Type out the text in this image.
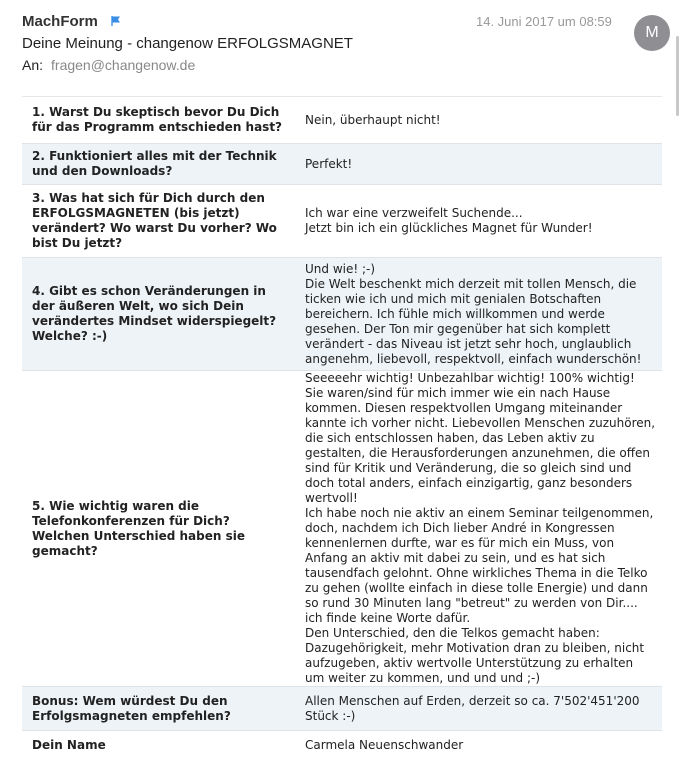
MachForm	14. Juni 2017 um 08:59
M
Deine Meinung - changenow ERFOLGSMAGNET
An: fragen@changenow.de
1. Warst Du skeptisch bevor Du Dich für das Programm entschieden hast?	Nein, überhaupt nicht!
2. Funktioniert alles mit der Technik und den Downloads?	Perfekt!
3. Was hat sich für Dich durch den ERFOLGSMAGNETEN (bis jetzt) verändert? Wo warst Du vorher? Wo bist Du jetzt?	Ich war eine verzweifelt Suchende...
Jetzt bin ich ein glückliches Magnet für Wunder!
4. Gibt es schon Veränderungen in der äußeren Welt, wo sich Dein verändertes Mindset widerspiegelt? Welche? :-)	Und wie! ;-)
Die Welt beschenkt mich derzeit mit tollen Mensch, die ticken wie ich und mich mit genialen Botschaften bereichern. Ich fühle mich willkommen und werde gesehen. Der Ton mir gegenüber hat sich komplett verändert - das Niveau ist jetzt sehr hoch, unglaublich angenehm, liebevoll, respektvoll, einfach wunderschön!
5. Wie wichtig waren die Telefonkonferenzen für Dich? Welchen Unterschied haben sie gemacht?	Seeeeehr wichtig! Unbezahlbar wichtig! 100% wichtig!
Sie waren/sind für mich immer wie ein nach Hause kommen. Diesen respektvollen Umgang miteinander kannte ich vorher nicht. Liebevollen Menschen zuzuhören, die sich entschlossen haben, das Leben aktiv zu gestalten, die Herausforderungen anzunehmen, die offen sind für Kritik und Veränderung, die so gleich sind und doch total anders, einfach einzigartig, ganz besonders wertvoll!
Ich habe noch nie aktiv an einem Seminar teilgenommen, doch, nachdem ich Dich lieber André in Kongressen kennenlernen durfte, war es für mich ein Muss, von Anfang an aktiv mit dabei zu sein, und es hat sich tausendfach gelohnt. Ohne wirkliches Thema in die Telko zu gehen (wollte einfach in diese tolle Energie) und dann so rund 30 Minuten lang "betreut" zu werden von Dir.... ich finde keine Worte dafür.
Den Unterschied, den die Telkos gemacht haben:
Dazugehörigkeit, mehr Motivation dran zu bleiben, nicht aufzugeben, aktiv wertvolle Unterstützung zu erhalten um weiter zu kommen, und und und ;-)
Bonus: Wem würdest Du den Erfolgsmagneten empfehlen?	Allen Menschen auf Erden, derzeit so ca. 7'502'451'200 Stück :-)
Dein Name	Carmela Neuenschwander
